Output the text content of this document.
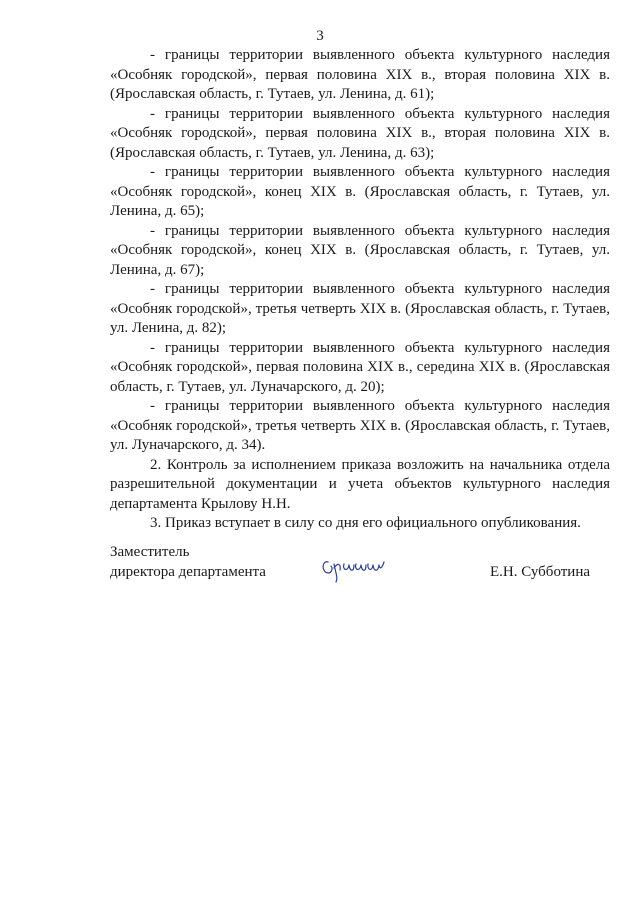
3

- границы территории выявленного объекта культурного наследия «Особняк городской», первая половина XIX в., вторая половина XIX в. (Ярославская область, г. Тутаев, ул. Ленина, д. 61);

- границы территории выявленного объекта культурного наследия «Особняк городской», первая половина XIX в., вторая половина XIX в. (Ярославская область, г. Тутаев, ул. Ленина, д. 63);

- границы территории выявленного объекта культурного наследия «Особняк городской», конец XIX в. (Ярославская область, г. Тутаев, ул. Ленина, д. 65);

- границы территории выявленного объекта культурного наследия «Особняк городской», конец XIX в. (Ярославская область, г. Тутаев, ул. Ленина, д. 67);

- границы территории выявленного объекта культурного наследия «Особняк городской», третья четверть XIX в. (Ярославская область, г. Тутаев, ул. Ленина, д. 82);

- границы территории выявленного объекта культурного наследия «Особняк городской», первая половина XIX в., середина XIX в. (Ярославская область, г. Тутаев, ул. Луначарского, д. 20);

- границы территории выявленного объекта культурного наследия «Особняк городской», третья четверть XIX в. (Ярославская область, г. Тутаев, ул. Луначарского, д. 34).

2. Контроль за исполнением приказа возложить на начальника отдела разрешительной документации и учета объектов культурного наследия департамента Крылову Н.Н.

3. Приказ вступает в силу со дня его официального опубликования.

Заместитель
директора департамента	Е.Н. Субботина
